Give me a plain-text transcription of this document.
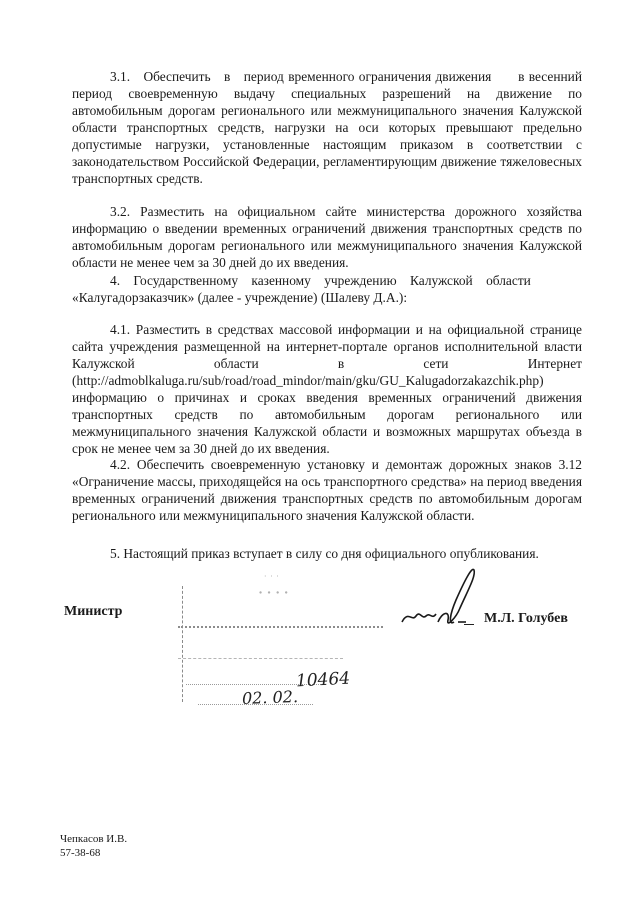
3.1. Обеспечить в период временного ограничения движения  в весенний период своевременную выдачу специальных разрешений на движение по автомобильным дорогам регионального или межмуниципального значения Калужской области транспортных средств, нагрузки на оси которых превышают предельно допустимые нагрузки, установленные настоящим приказом в соответствии с законодательством Российской Федерации, регламентирующим движение тяжеловесных транспортных средств.

3.2. Разместить на официальном сайте министерства дорожного хозяйства информацию о введении временных ограничений движения транспортных средств по автомобильным дорогам регионального или межмуниципального значения Калужской области не менее чем за 30 дней до их введения.

4. Государственному казенному учреждению Калужской области «Калугадорзаказчик» (далее - учреждение) (Шалеву Д.А.):

4.1. Разместить в средствах массовой информации и на официальной странице сайта учреждения размещенной на интернет-портале органов исполнительной власти Калужской области в сети Интернет (http://admoblkaluga.ru/sub/road/road_mindor/main/gku/GU_Kalugadorzakazchik.php) информацию о причинах и сроках введения временных ограничений движения транспортных средств по автомобильным дорогам регионального или межмуниципального значения Калужской области и возможных маршрутах объезда в срок не менее чем за 30 дней до их введения.

4.2. Обеспечить своевременную установку и демонтаж дорожных знаков 3.12 «Ограничение массы, приходящейся на ось транспортного средства» на период введения временных ограничений движения транспортных средств по автомобильным дорогам регионального или межмуниципального значения Калужской области.

5. Настоящий приказ вступает в силу со дня официального опубликования.

· · ·
∙ ∙ ∙ ∙
10464
02. 02.
Министр	М.Л. Голубев
Чепкасов И.В.
57-38-68
